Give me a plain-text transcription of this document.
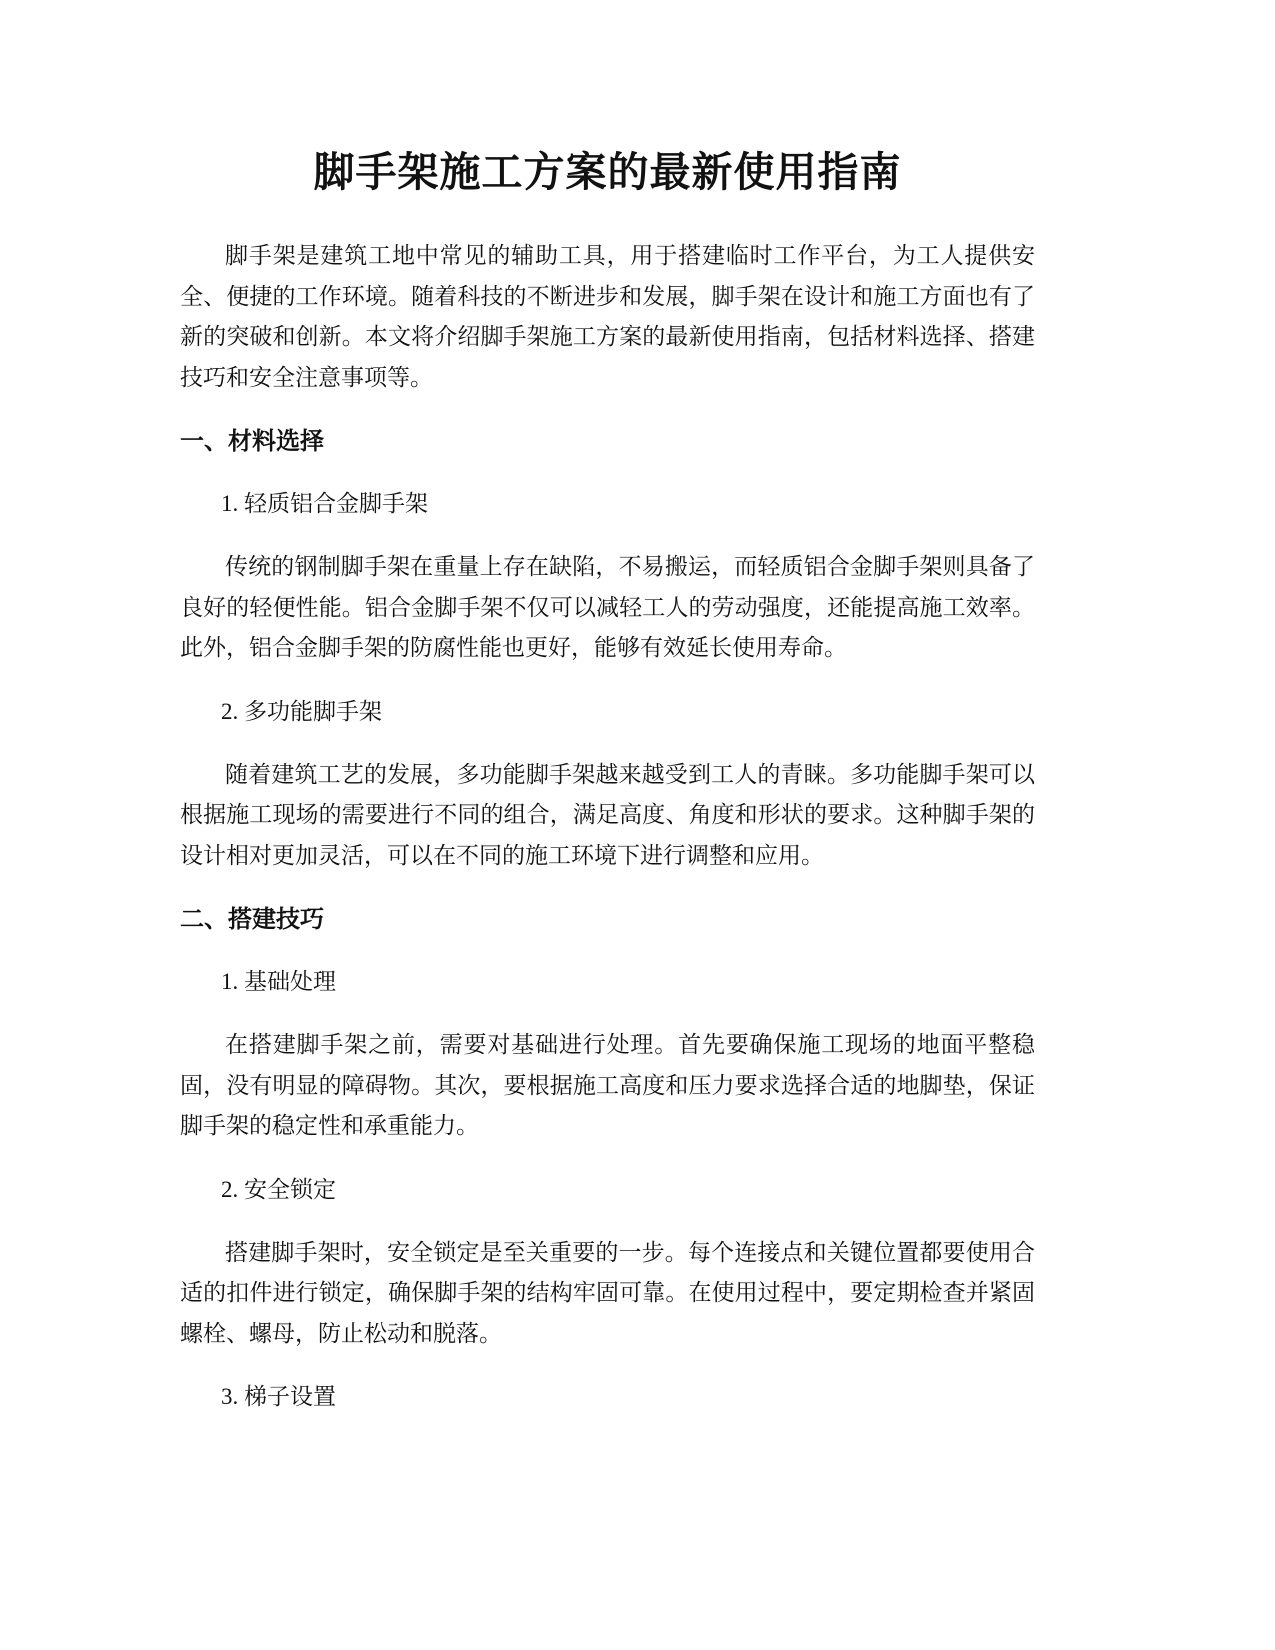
脚手架施工方案的最新使用指南

脚手架是建筑工地中常见的辅助工具，用于搭建临时工作平台，为工人提供安全、便捷的工作环境。随着科技的不断进步和发展，脚手架在设计和施工方面也有了新的突破和创新。本文将介绍脚手架施工方案的最新使用指南，包括材料选择、搭建技巧和安全注意事项等。

一、材料选择
1. 轻质铝合金脚手架

传统的钢制脚手架在重量上存在缺陷，不易搬运，而轻质铝合金脚手架则具备了良好的轻便性能。铝合金脚手架不仅可以减轻工人的劳动强度，还能提高施工效率。此外，铝合金脚手架的防腐性能也更好，能够有效延长使用寿命。

2. 多功能脚手架

随着建筑工艺的发展，多功能脚手架越来越受到工人的青睐。多功能脚手架可以根据施工现场的需要进行不同的组合，满足高度、角度和形状的要求。这种脚手架的设计相对更加灵活，可以在不同的施工环境下进行调整和应用。

二、搭建技巧
1. 基础处理

在搭建脚手架之前，需要对基础进行处理。首先要确保施工现场的地面平整稳固，没有明显的障碍物。其次，要根据施工高度和压力要求选择合适的地脚垫，保证脚手架的稳定性和承重能力。

2. 安全锁定

搭建脚手架时，安全锁定是至关重要的一步。每个连接点和关键位置都要使用合适的扣件进行锁定，确保脚手架的结构牢固可靠。在使用过程中，要定期检查并紧固螺栓、螺母，防止松动和脱落。

3. 梯子设置
